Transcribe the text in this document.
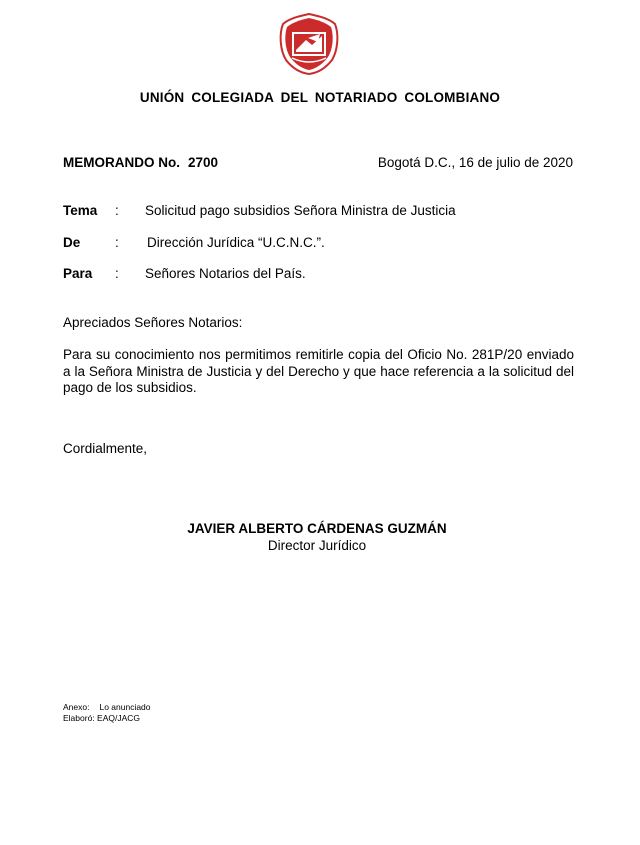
U.C.N.C
UNIÓN COLEGIADA DEL NOTARIADO COLOMBIANO
MEMORANDO No. 2700	Bogotá D.C., 16 de julio de 2020
Tema : Solicitud pago subsidios Señora Ministra de Justicia
De	: Dirección Jurídica “U.C.N.C.”.
Para : Señores Notarios del País.
Apreciados Señores Notarios:
Para su conocimiento nos permitimos remitirle copia del Oficio No. 281P/20 enviado a la Señora Ministra de Justicia y del Derecho y que hace referencia a la solicitud del pago de los subsidios.
Cordialmente,
JAVIER ALBERTO CÁRDENAS GUZMÁN
Director Jurídico
Anexo: Lo anunciado
Elaboró: EAQ/JACG
